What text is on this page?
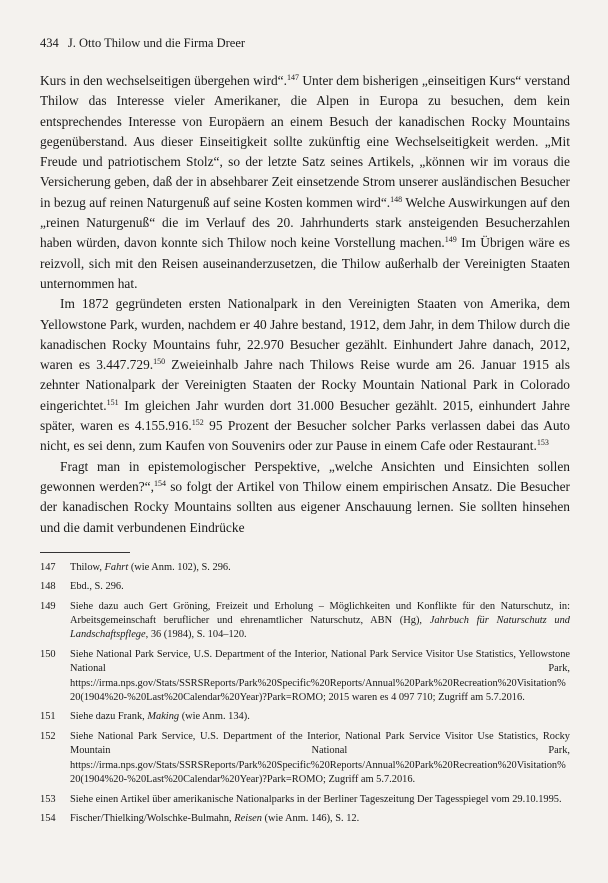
434 J. Otto Thilow und die Firma Dreer

Kurs in den wechselseitigen übergehen wird“.$^{147}$ Unter dem bisherigen „einseitigen Kurs“ verstand Thilow das Interesse vieler Amerikaner, die Alpen in Europa zu besuchen, dem kein entsprechendes Interesse von Europäern an einem Besuch der kanadischen Rocky Mountains gegenüberstand. Aus dieser Einseitigkeit sollte zukünftig eine Wechselseitigkeit werden. „Mit Freude und patriotischem Stolz“, so der letzte Satz seines Artikels, „können wir im voraus die Versicherung geben, daß der in absehbarer Zeit einsetzende Strom unserer ausländischen Besucher in bezug auf reinen Naturgenuß auf seine Kosten kommen wird“.$^{148}$ Welche Auswirkungen auf den „reinen Naturgenuß“ die im Verlauf des 20. Jahrhunderts stark ansteigenden Besucherzahlen haben würden, davon konnte sich Thilow noch keine Vorstellung machen.$^{149}$ Im Übrigen wäre es reizvoll, sich mit den Reisen auseinanderzusetzen, die Thilow außerhalb der Vereinigten Staaten unternommen hat.

Im 1872 gegründeten ersten Nationalpark in den Vereinigten Staaten von Amerika, dem Yellowstone Park, wurden, nachdem er 40 Jahre bestand, 1912, dem Jahr, in dem Thilow durch die kanadischen Rocky Mountains fuhr, 22.970 Besucher gezählt. Einhundert Jahre danach, 2012, waren es 3.447.729.$^{150}$ Zweieinhalb Jahre nach Thilows Reise wurde am 26. Januar 1915 als zehnter Nationalpark der Vereinigten Staaten der Rocky Mountain National Park in Colorado eingerichtet.$^{151}$ Im gleichen Jahr wurden dort 31.000 Besucher gezählt. 2015, einhundert Jahre später, waren es 4.155.916.$^{152}$ 95 Prozent der Besucher solcher Parks verlassen dabei das Auto nicht, es sei denn, zum Kaufen von Souvenirs oder zur Pause in einem Cafe oder Restaurant.$^{153}$

Fragt man in epistemologischer Perspektive, „welche Ansichten und Einsichten sollen gewonnen werden?“,$^{154}$ so folgt der Artikel von Thilow einem empirischen Ansatz. Die Besucher der kanadischen Rocky Mountains sollten aus eigener Anschauung lernen. Sie sollten hinsehen und die damit verbundenen Eindrücke

147	Thilow, Fahrt (wie Anm. 102), S. 296.
148	Ebd., S. 296.
149	Siehe dazu auch Gert Gröning, Freizeit und Erholung – Möglichkeiten und Konflikte für den Naturschutz, in: Arbeitsgemeinschaft beruflicher und ehrenamtlicher Naturschutz, ABN (Hg), Jahrbuch für Naturschutz und Landschaftspflege, 36 (1984), S. 104–120.
150	Siehe National Park Service, U.S. Department of the Interior, National Park Service Visitor Use Statistics, Yellowstone National Park, https://irma.nps.gov/Stats/SSRSReports/Park%20Specific%20Reports/Annual%20Park%20Recreation%20Visitation%20(1904%20-%20Last%20Calendar%20Year)?Park=ROMO; 2015 waren es 4 097 710; Zugriff am 5.7.2016.
151	Siehe dazu Frank, Making (wie Anm. 134).
152	Siehe National Park Service, U.S. Department of the Interior, National Park Service Visitor Use Statistics, Rocky Mountain National Park, https://irma.nps.gov/Stats/SSRSReports/Park%20Specific%20Reports/Annual%20Park%20Recreation%20Visitation%20(1904%20-%20Last%20Calendar%20Year)?Park=ROMO; Zugriff am 5.7.2016.
153	Siehe einen Artikel über amerikanische Nationalparks in der Berliner Tageszeitung Der Tagesspiegel vom 29.10.1995.
154	Fischer/Thielking/Wolschke-Bulmahn, Reisen (wie Anm. 146), S. 12.
